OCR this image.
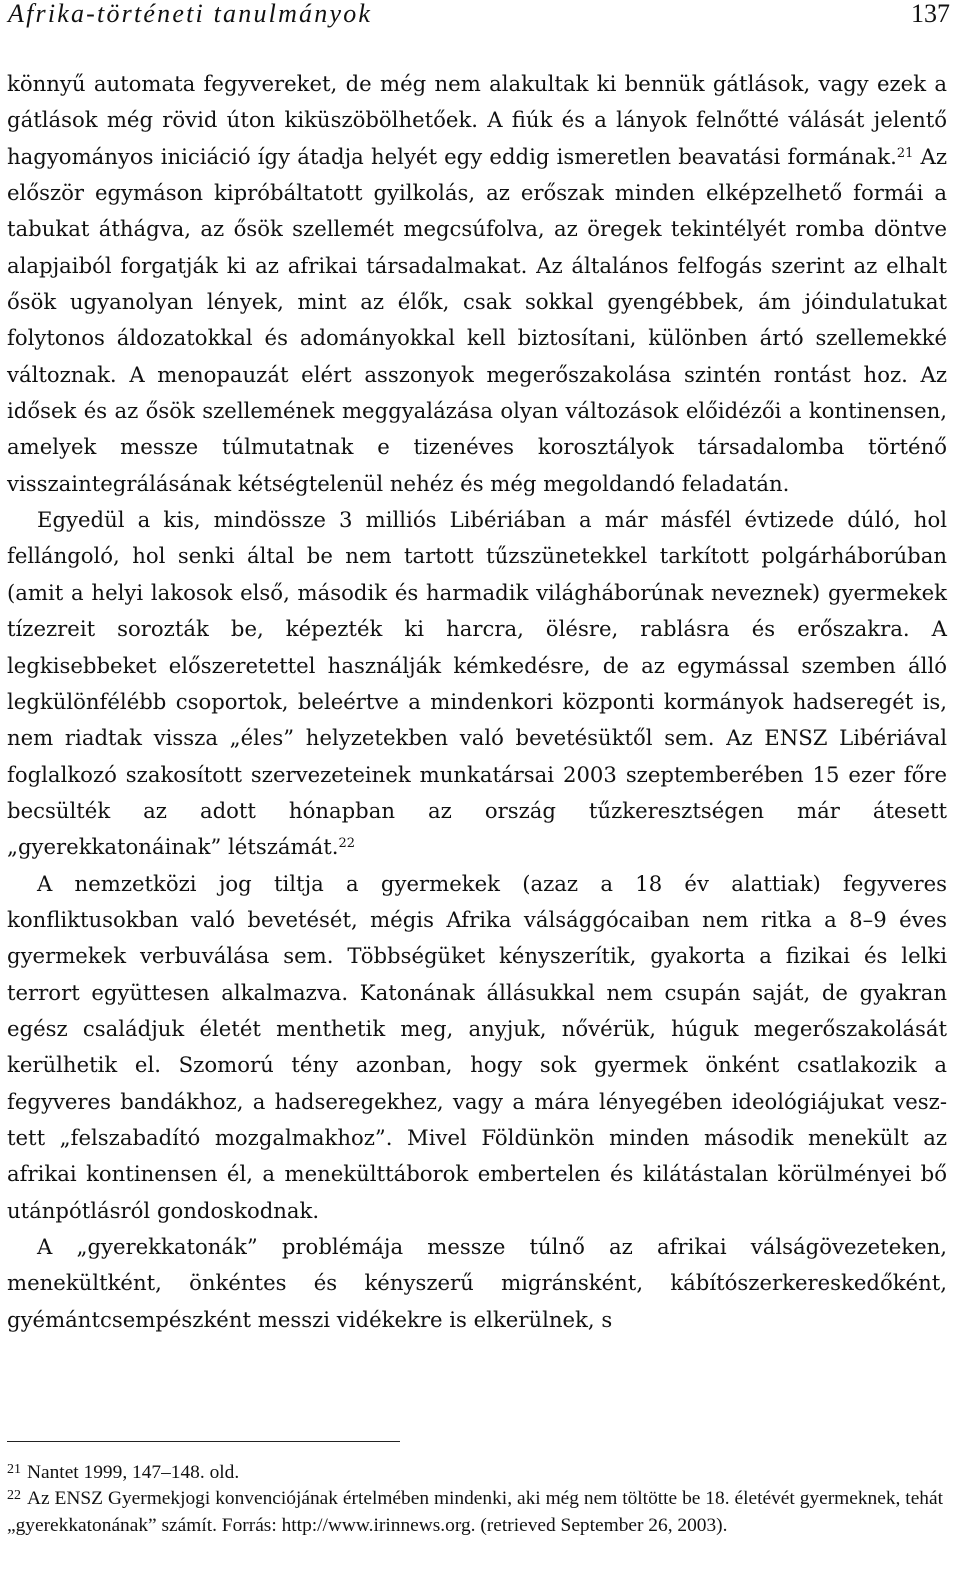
Afrika-történeti tanulmányok	137

könnyű automata fegyvereket, de még nem alakultak ki bennük gátlások, vagy ezek a gátlások még rövid úton kiküszöbölhetőek. A fiúk és a lányok felnőtté válását jelentő hagyományos iniciáció így átadja helyét egy eddig ismeretlen beavatási formának.$^{21}$ Az először egymáson kipróbáltatott gyilkolás, az erőszak minden elképzelhető formái a tabukat áthágva, az ősök szellemét megcsúfolva, az öregek tekintélyét romba döntve alapjaiból forgatják ki az afrikai társadalmakat. Az általános felfogás szerint az elhalt ősök ugyanolyan lények, mint az élők, csak sokkal gyengébbek, ám jóindulatukat folytonos áldozatokkal és adományokkal kell biztosítani, különben ártó szellemekké változnak. A menopauzát elért asszonyok megerőszakolása szintén rontást hoz. Az idősek és az ősök szellemének meggyalázása olyan változások előidézői a kontinensen, amelyek messze túlmutatnak e tizenéves korosztályok társadalomba történő visszaintegrálásának kétségtelenül nehéz és még megoldandó feladatán.

Egyedül a kis, mindössze 3 milliós Libériában a már másfél évtizede dúló, hol fellángoló, hol senki által be nem tartott tűzszünetekkel tarkított polgárháborúban (amit a helyi lakosok első, második és harmadik világháborúnak neveznek) gyermekek tízezreit sorozták be, képezték ki harcra, ölésre, rablásra és erőszakra. A legkisebbeket előszeretettel használják kémkedésre, de az egymással szemben álló legkülönfélébb csoportok, beleértve a mindenkori központi kormányok hadseregét is, nem riadtak vissza „éles” helyzetekben való bevetésüktől sem. Az ENSZ Libériával foglalkozó szakosított szervezeteinek munkatársai 2003 szeptemberében 15 ezer főre becsülték az adott hónapban az ország tűzkeresztségen már átesett „gyerekkatonáinak” létszámát.$^{22}$

A nemzetközi jog tiltja a gyermekek (azaz a 18 év alattiak) fegyveres konfliktusokban való bevetését, mégis Afrika válsággócaiban nem ritka a 8–9 éves gyermekek verbuválása sem. Többségüket kényszerítik, gyakorta a fizikai és lelki terrort együttesen alkalmazva. Katonának állásukkal nem csupán saját, de gyakran egész családjuk életét menthetik meg, anyjuk, nővérük, húguk megerőszakolását kerülhetik el. Szomorú tény azonban, hogy sok gyermek önként csatlakozik a fegyveres bandákhoz, a hadseregekhez, vagy a mára lényegében ideológiájukat vesztett „felszabadító mozgalmakhoz”. Mivel Földünkön minden második menekült az afrikai kontinensen él, a menekülttáborok embertelen és kilátástalan körülményei bő utánpótlásról gondoskodnak.

A „gyerekkatonák” problémája messze túlnő az afrikai válságövezeteken, menekültként, önkéntes és kényszerű migránsként, kábítószerkereskedőként, gyémántcsempészként messzi vidékekre is elkerülnek, s

$^{21}$ Nantet 1999, 147–148. old.

$^{22}$ Az ENSZ Gyermekjogi konvenciójának értelmében mindenki, aki még nem töltötte be 18. életévét gyermeknek, tehát „gyerekkatonának” számít. Forrás: http://www.irinnews.org. (retrieved September 26, 2003).
